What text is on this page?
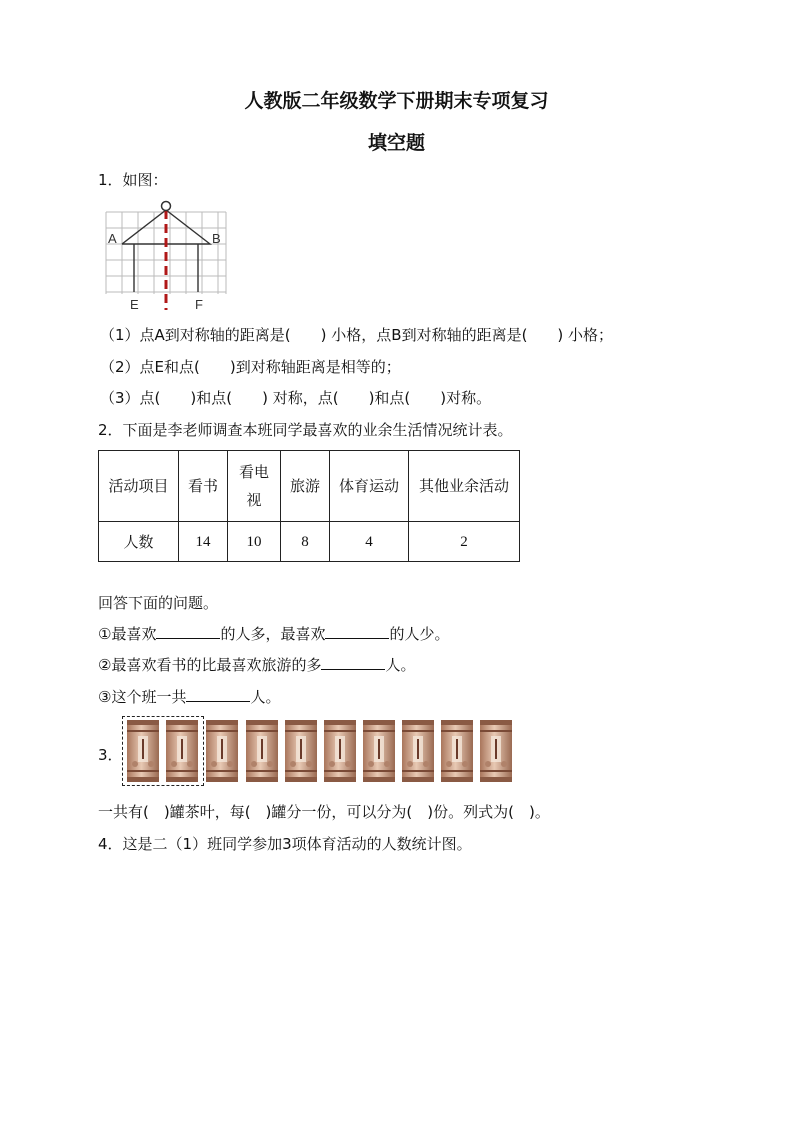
人教版二年级数学下册期末专项复习
填空题
1．如图：
A	B
E	F
O
（1）点A到对称轴的距离是(　　) 小格，点B到对称轴的距离是(　　) 小格；
（2）点E和点(　　)到对称轴距离是相等的；
（3）点(　　)和点(　　) 对称，点(　　)和点(　　)对称。
2．下面是李老师调查本班同学最喜欢的业余生活情况统计表。
活动项目	看书	看电视	旅游	体育运动	其他业余活动
人数	14	10	8	4	2
回答下面的问题。
①最喜欢	的人多，最喜欢	的人少。
②最喜欢看书的比最喜欢旅游的多	人。
③这个班一共	人。
3．
一共有(　)罐茶叶，每(　)罐分一份，可以分为(　)份。列式为(　)。
4．这是二（1）班同学参加3项体育活动的人数统计图。
